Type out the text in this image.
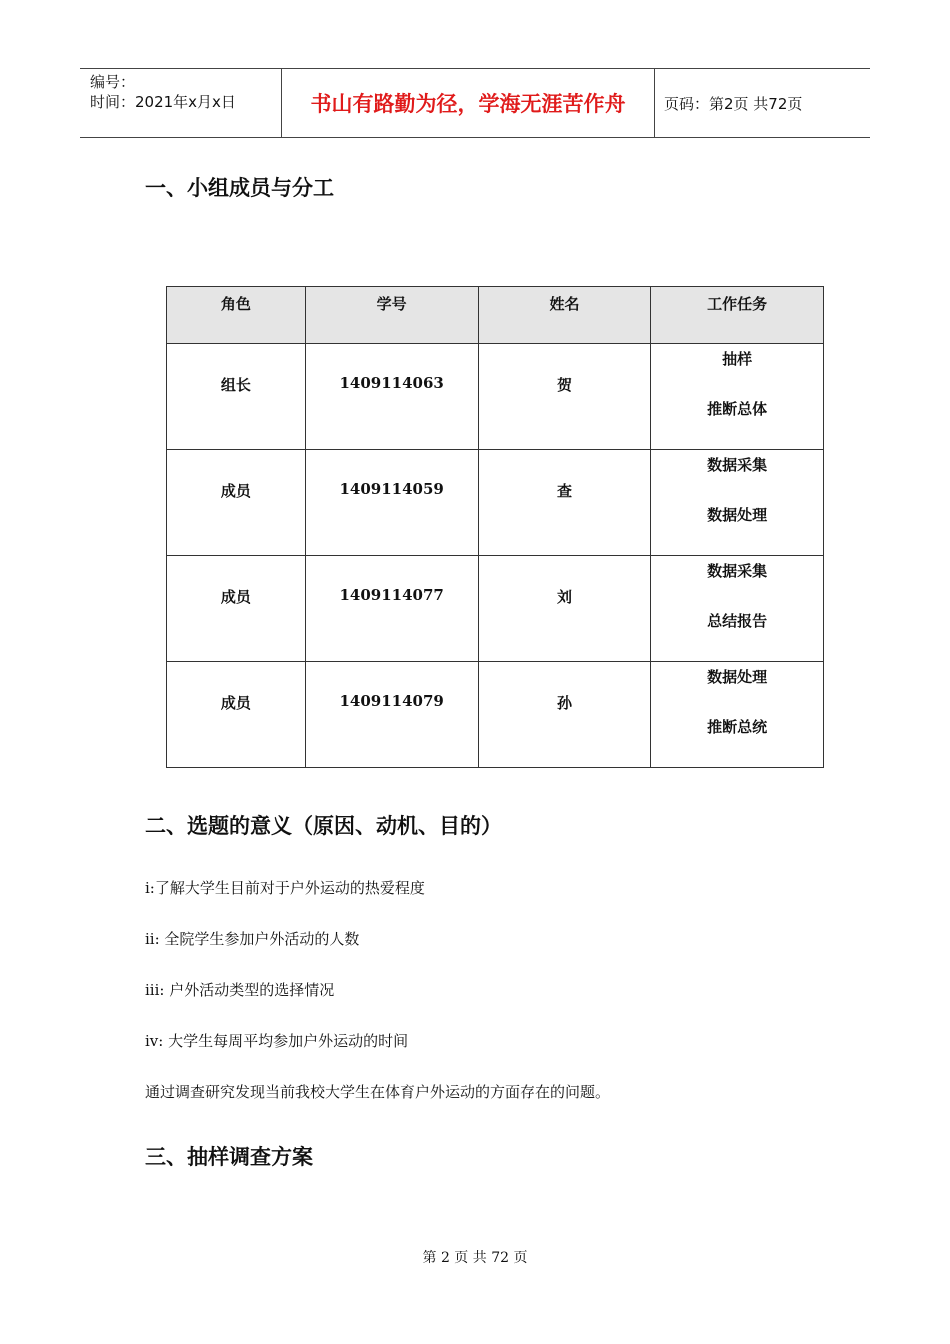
编号：
时间：2021年x月x日	书山有路勤为径，学海无涯苦作舟	页码：第2页 共72页
一、小组成员与分工
角色	学号	姓名	工作任务
组长	1409114063	贺	抽样
推断总体

成员	1409114059	查	数据采集
数据处理

成员	1409114077	刘	数据采集
总结报告

成员	1409114079	孙	数据处理
推断总统
二、选题的意义（原因、动机、目的）

i:了解大学生目前对于户外运动的热爱程度

ii: 全院学生参加户外活动的人数

iii: 户外活动类型的选择情况

iv: 大学生每周平均参加户外运动的时间

通过调查研究发现当前我校大学生在体育户外运动的方面存在的问题。

三、抽样调查方案
第 2 页 共 72 页
